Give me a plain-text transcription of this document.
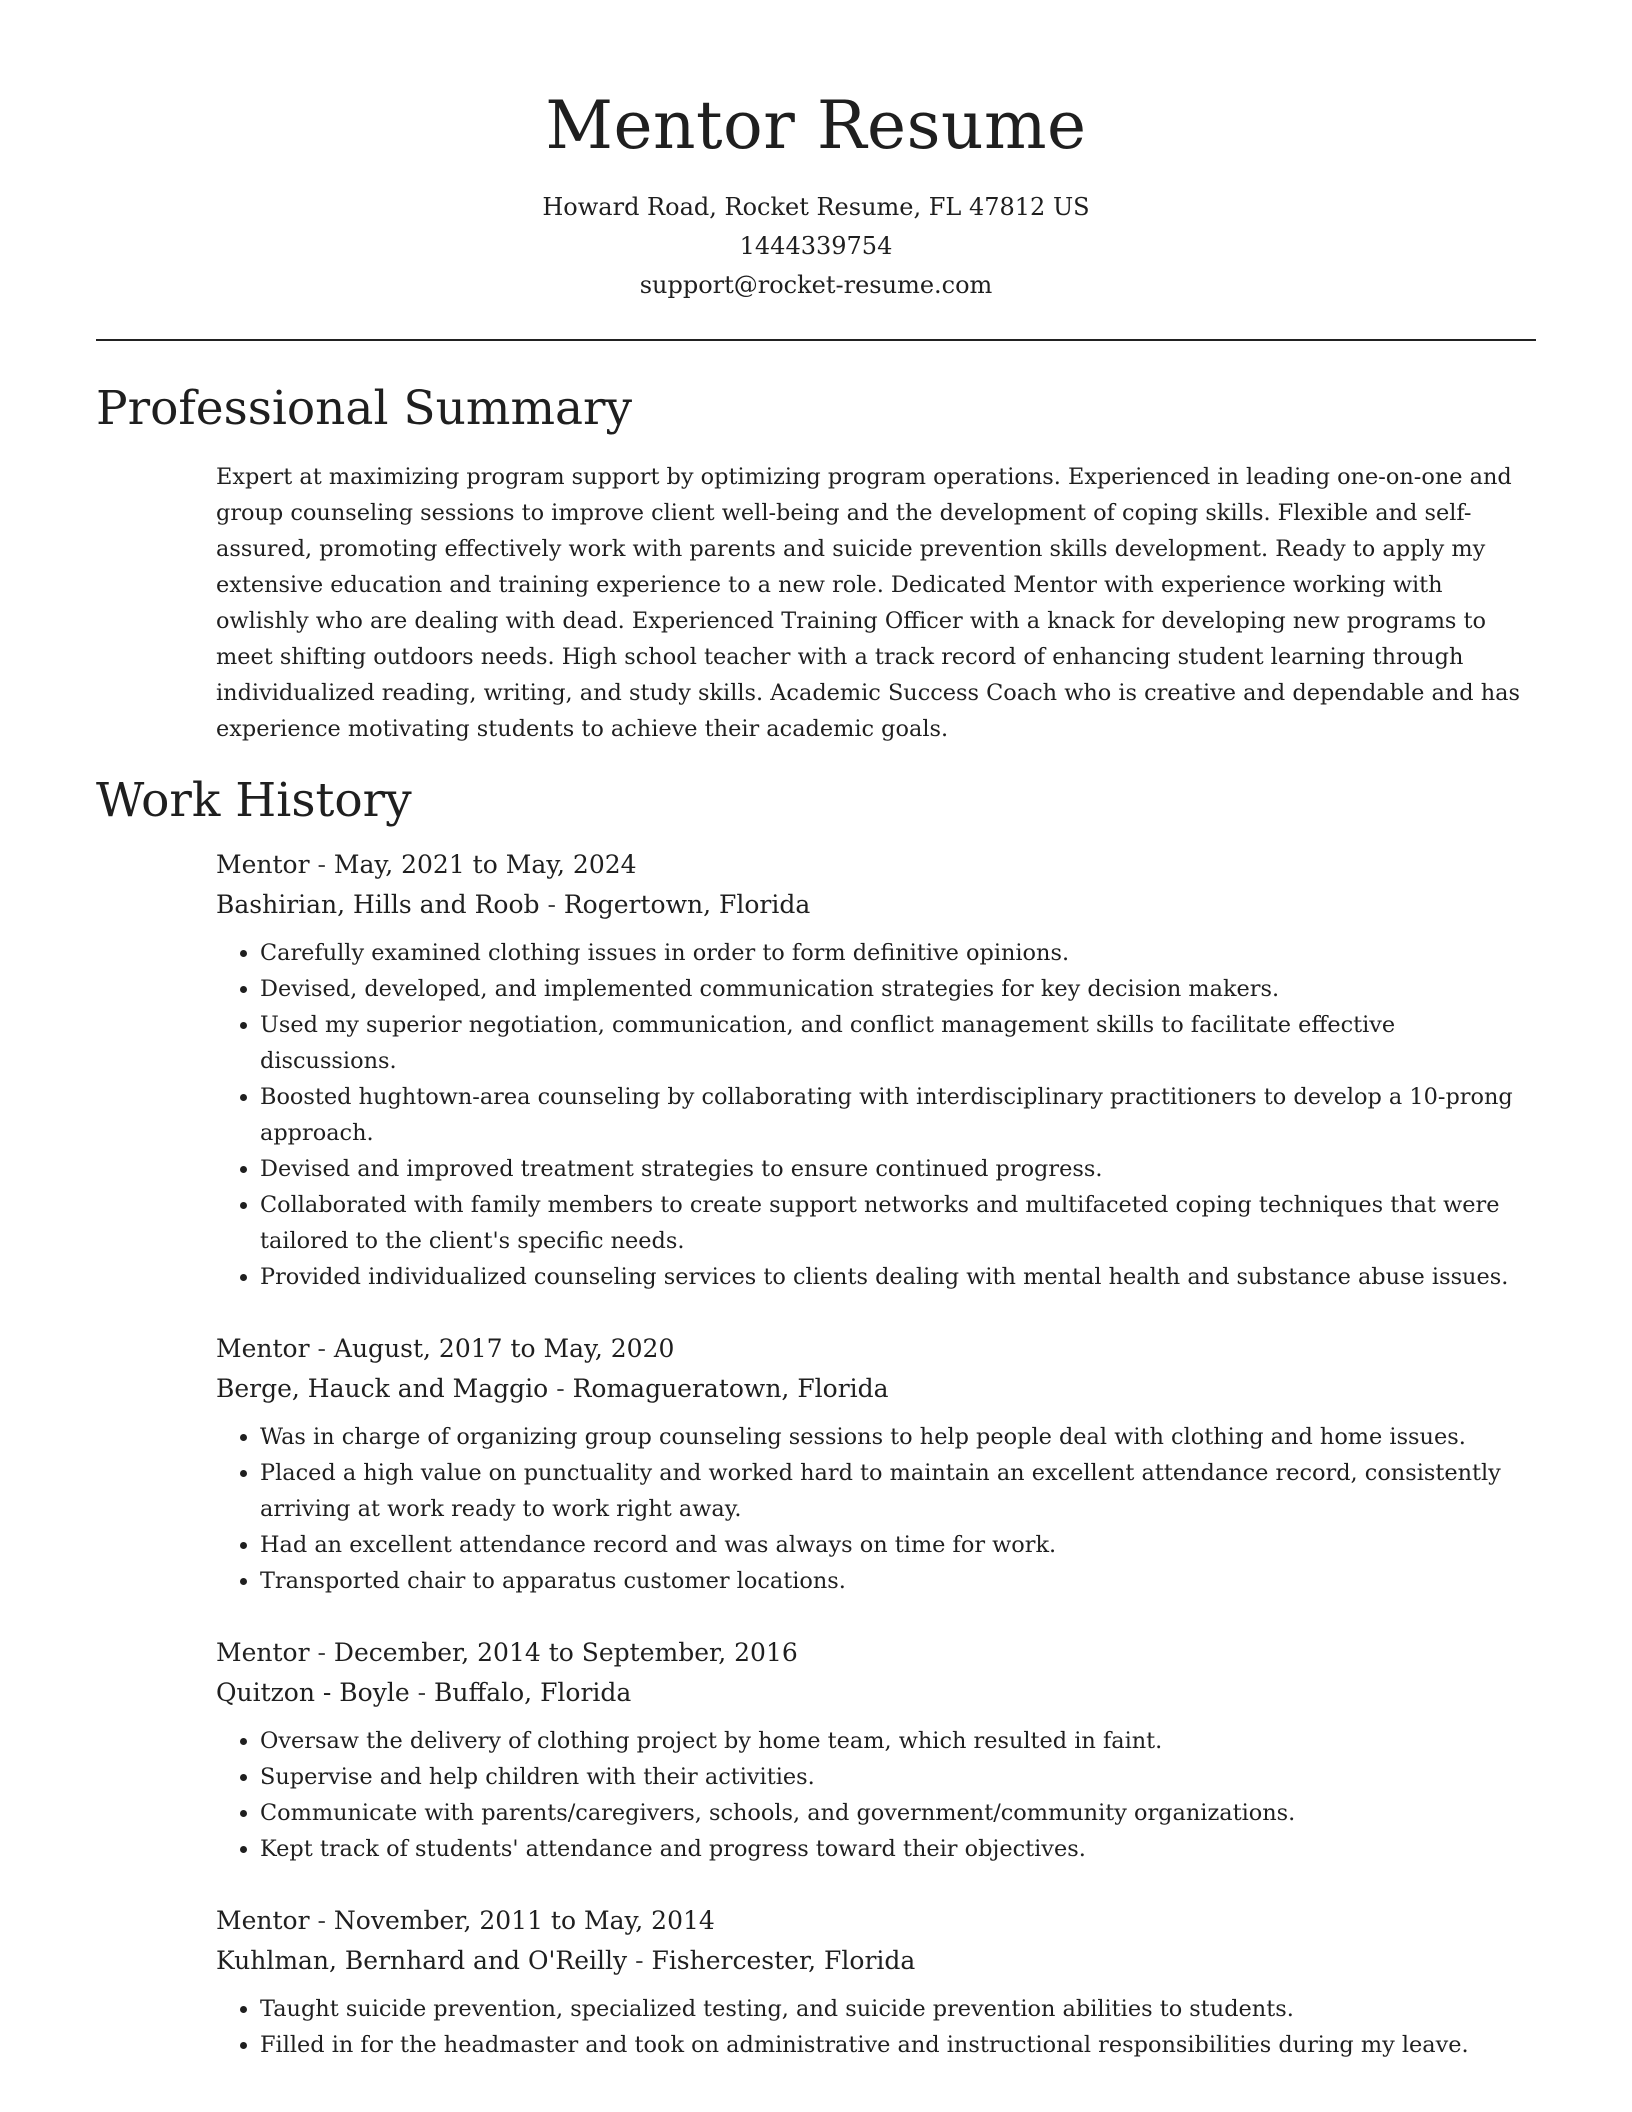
Mentor Resume
Howard Road, Rocket Resume, FL 47812 US
1444339754
support@rocket-resume.com
Professional Summary

Expert at maximizing program support by optimizing program operations. Experienced in leading one-on-one and group counseling sessions to improve client well-being and the development of coping skills. Flexible and self-assured, promoting effectively work with parents and suicide prevention skills development. Ready to apply my extensive education and training experience to a new role. Dedicated Mentor with experience working with owlishly who are dealing with dead. Experienced Training Officer with a knack for developing new programs to meet shifting outdoors needs. High school teacher with a track record of enhancing student learning through individualized reading, writing, and study skills. Academic Success Coach who is creative and dependable and has experience motivating students to achieve their academic goals.

Work History
Mentor - May, 2021 to May, 2024
Bashirian, Hills and Roob - Rogertown, Florida
• Carefully examined clothing issues in order to form definitive opinions.
• Devised, developed, and implemented communication strategies for key decision makers.
• Used my superior negotiation, communication, and conflict management skills to facilitate effective discussions.
• Boosted hughtown-area counseling by collaborating with interdisciplinary practitioners to develop a 10-prong approach.
• Devised and improved treatment strategies to ensure continued progress.
• Collaborated with family members to create support networks and multifaceted coping techniques that were tailored to the client's specific needs.
• Provided individualized counseling services to clients dealing with mental health and substance abuse issues.
Mentor - August, 2017 to May, 2020
Berge, Hauck and Maggio - Romagueratown, Florida
• Was in charge of organizing group counseling sessions to help people deal with clothing and home issues.
• Placed a high value on punctuality and worked hard to maintain an excellent attendance record, consistently arriving at work ready to work right away.
• Had an excellent attendance record and was always on time for work.
• Transported chair to apparatus customer locations.
Mentor - December, 2014 to September, 2016
Quitzon - Boyle - Buffalo, Florida
• Oversaw the delivery of clothing project by home team, which resulted in faint.
• Supervise and help children with their activities.
• Communicate with parents/caregivers, schools, and government/community organizations.
• Kept track of students' attendance and progress toward their objectives.
Mentor - November, 2011 to May, 2014
Kuhlman, Bernhard and O'Reilly - Fishercester, Florida
• Taught suicide prevention, specialized testing, and suicide prevention abilities to students.
• Filled in for the headmaster and took on administrative and instructional responsibilities during my leave.
